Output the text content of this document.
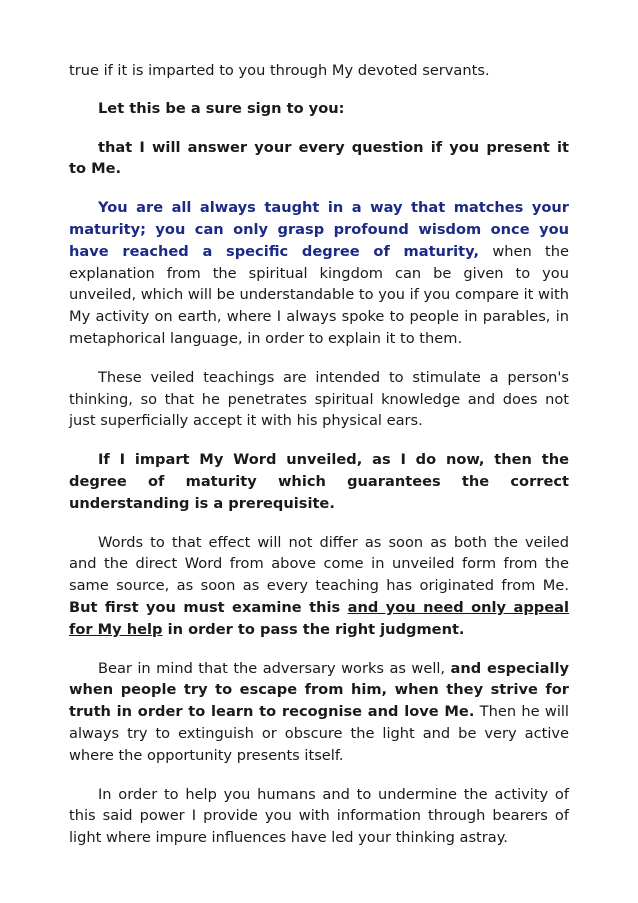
true if it is imparted to you through My devoted servants.

Let this be a sure sign to you:

that I will answer your every question if you present it to Me.

You are all always taught in a way that matches your maturity; you can only grasp profound wisdom once you have reached a specific degree of maturity, when the explanation from the spiritual kingdom can be given to you unveiled, which will be understandable to you if you compare it with My activity on earth, where I always spoke to people in parables, in metaphorical language, in order to explain it to them.

These veiled teachings are intended to stimulate a person's thinking, so that he penetrates spiritual knowledge and does not just superficially accept it with his physical ears.

If I impart My Word unveiled, as I do now, then the degree of maturity which guarantees the correct understanding is a prerequisite.

Words to that effect will not differ as soon as both the veiled and the direct Word from above come in unveiled form from the same source, as soon as every teaching has originated from Me. But first you must examine this and you need only appeal for My help in order to pass the right judgment.

Bear in mind that the adversary works as well, and especially when people try to escape from him, when they strive for truth in order to learn to recognise and love Me. Then he will always try to extinguish or obscure the light and be very active where the opportunity presents itself.

In order to help you humans and to undermine the activity of this said power I provide you with information through bearers of light where impure influences have led your thinking astray.
